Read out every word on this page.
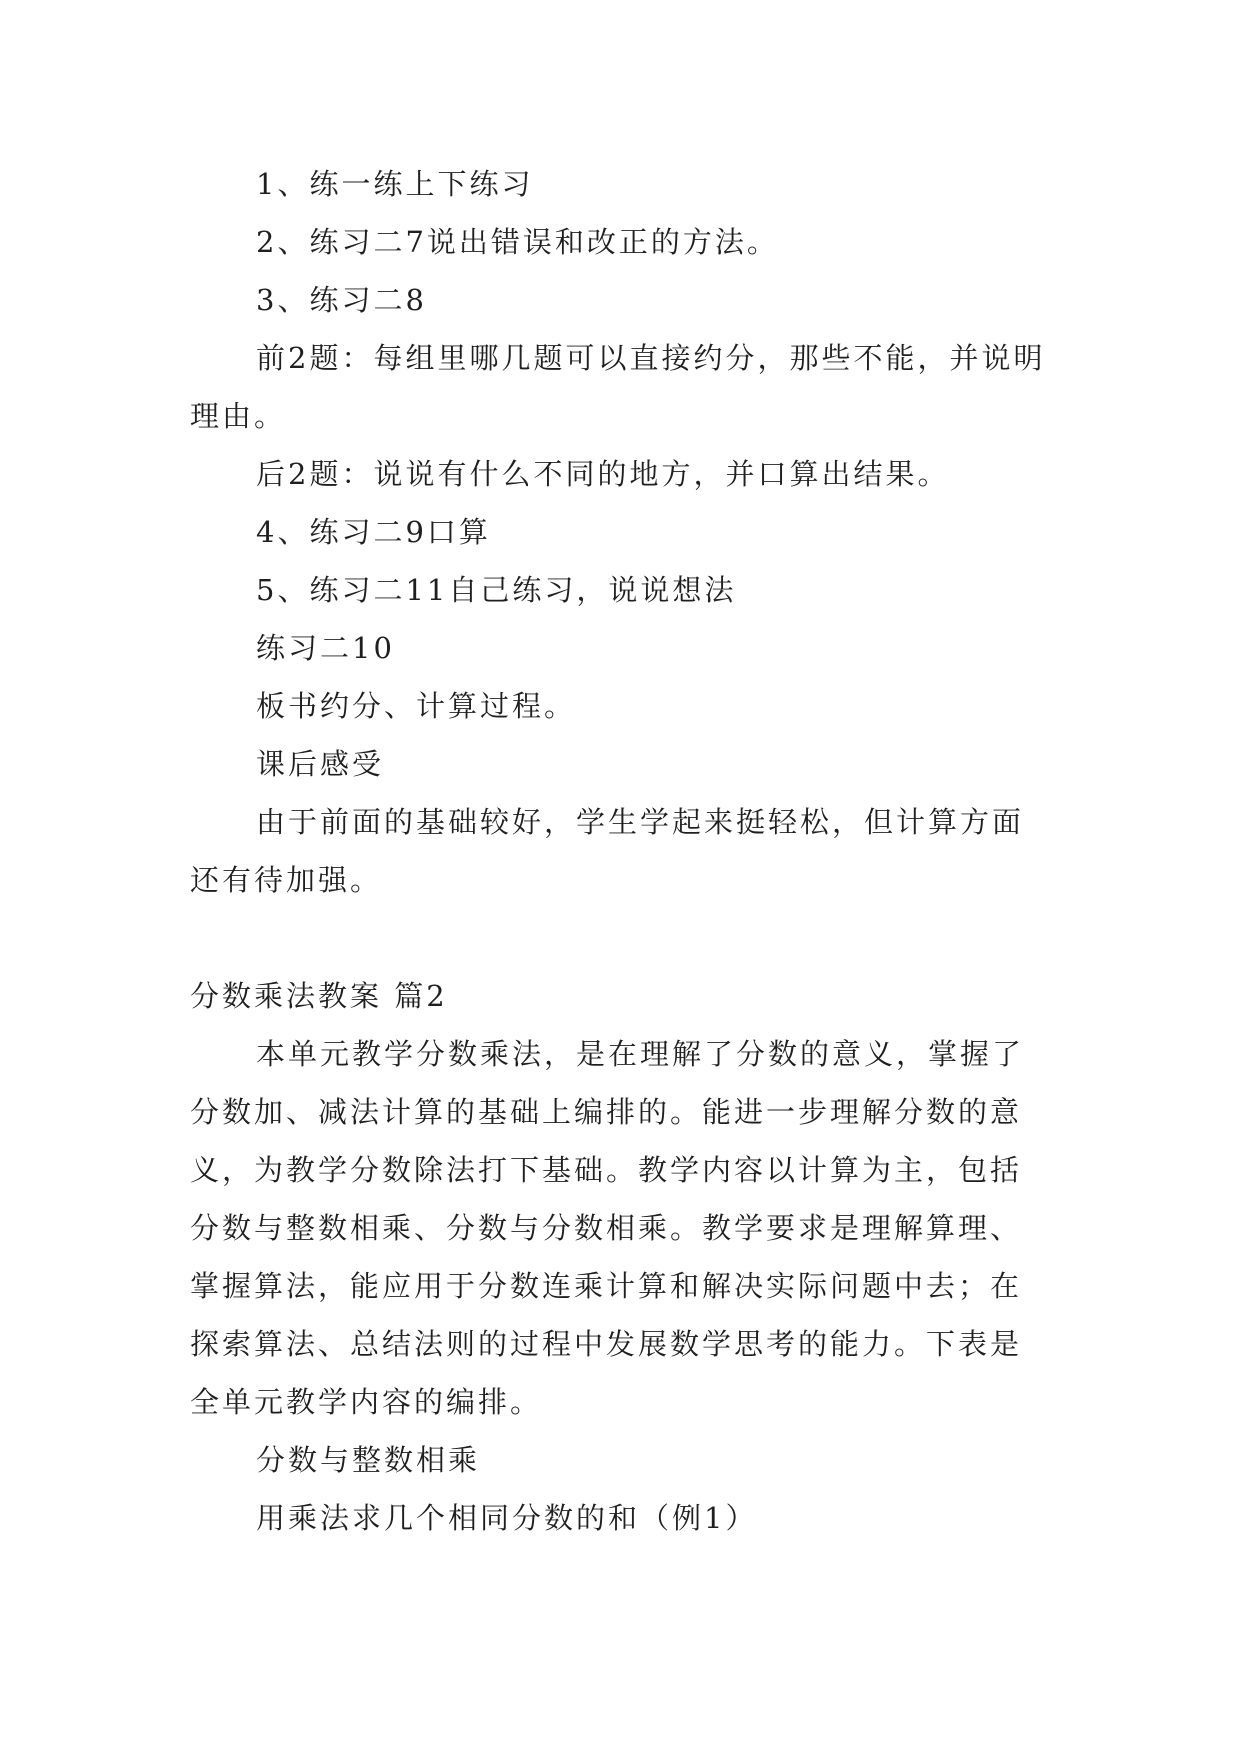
1、练一练上下练习

2、练习二7说出错误和改正的方法。

3、练习二8

前2题：每组里哪几题可以直接约分，那些不能，并说明理由。

后2题：说说有什么不同的地方，并口算出结果。

4、练习二9口算

5、练习二11自己练习，说说想法

练习二10

板书约分、计算过程。

课后感受

由于前面的基础较好，学生学起来挺轻松，但计算方面还有待加强。

分数乘法教案 篇2

本单元教学分数乘法，是在理解了分数的意义，掌握了分数加、减法计算的基础上编排的。能进一步理解分数的意义，为教学分数除法打下基础。教学内容以计算为主，包括分数与整数相乘、分数与分数相乘。教学要求是理解算理、掌握算法，能应用于分数连乘计算和解决实际问题中去；在探索算法、总结法则的过程中发展数学思考的能力。下表是全单元教学内容的编排。

分数与整数相乘

用乘法求几个相同分数的和（例1）
